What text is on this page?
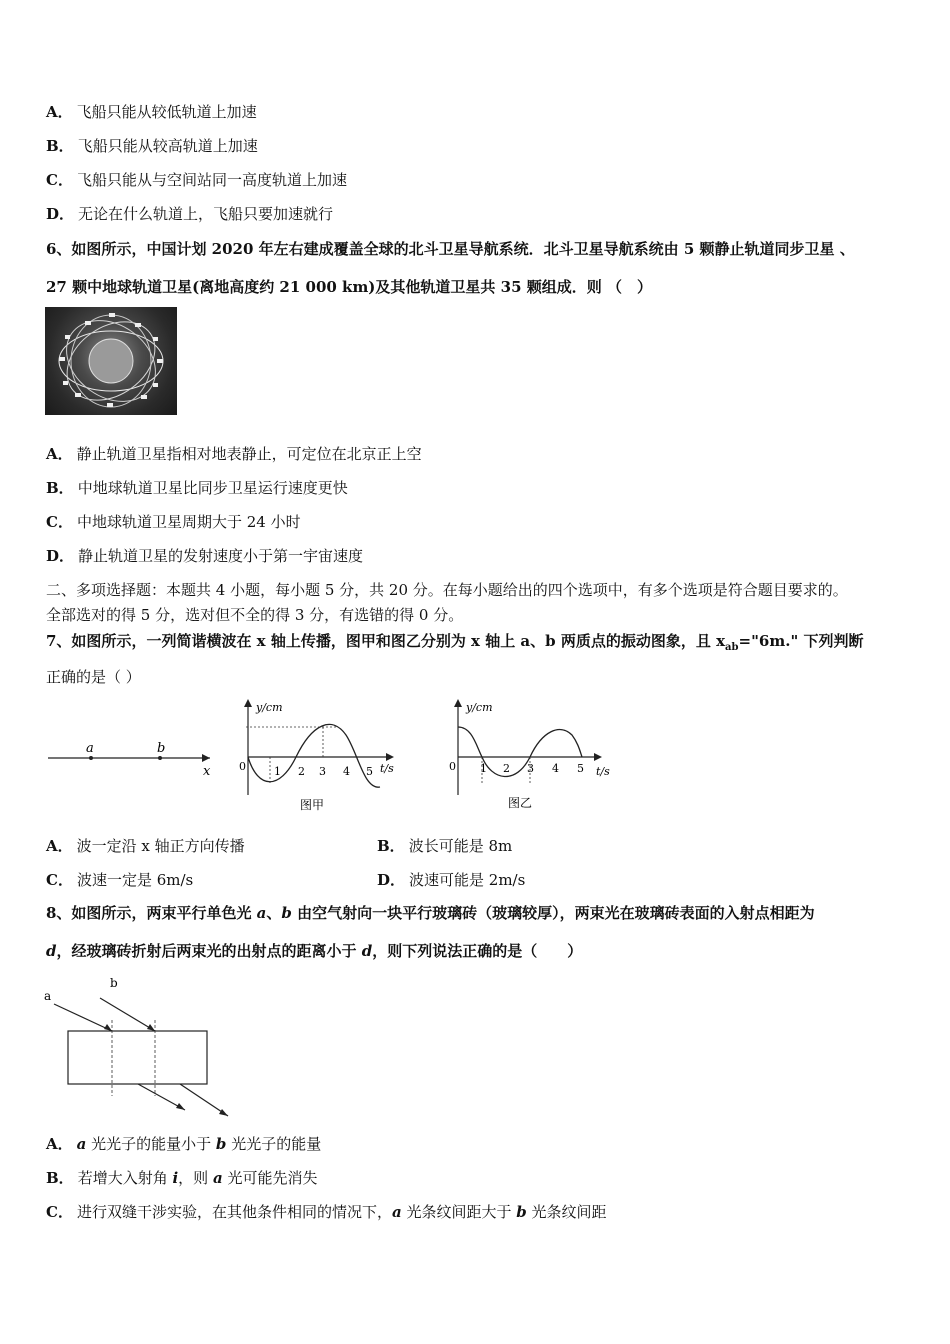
A． 飞船只能从较低轨道上加速
B． 飞船只能从较高轨道上加速
C． 飞船只能从与空间站同一高度轨道上加速
D． 无论在什么轨道上，飞船只要加速就行
6、如图所示，中国计划 2020 年左右建成覆盖全球的北斗卫星导航系统．北斗卫星导航系统由 5 颗静止轨道同步卫星 、
27 颗中地球轨道卫星(离地高度约 21 000 km)及其他轨道卫星共 35 颗组成．则 （　）
A． 静止轨道卫星指相对地表静止，可定位在北京正上空
B． 中地球轨道卫星比同步卫星运行速度更快
C． 中地球轨道卫星周期大于 24 小时
D． 静止轨道卫星的发射速度小于第一宇宙速度
二、多项选择题：本题共 4 小题，每小题 5 分，共 20 分。在每小题给出的四个选项中，有多个选项是符合题目要求的。
全部选对的得 5 分，选对但不全的得 3 分，有选错的得 0 分。
7、如图所示，一列简谐横波在 x 轴上传播，图甲和图乙分别为 x 轴上 a、b 两质点的振动图象，且 $x_{ab}="6m$." 下列判断
正确的是（ ）
a	b
x
y/cm
0	t/s
1 2 3 4 5
图甲
y/cm
0	t/s
1 2 3 4 5
图乙
A． 波一定沿 x 轴正方向传播	B． 波长可能是 8m
C． 波速一定是 6m/s	D． 波速可能是 2m/s
8、如图所示，两束平行单色光 a、b 由空气射向一块平行玻璃砖（玻璃较厚），两束光在玻璃砖表面的入射点相距为
d，经玻璃砖折射后两束光的出射点的距离小于 d，则下列说法正确的是（　　）
a
b
A． a 光光子的能量小于 b 光光子的能量
B． 若增大入射角 i，则 a 光可能先消失
C． 进行双缝干涉实验，在其他条件相同的情况下，a 光条纹间距大于 b 光条纹间距
